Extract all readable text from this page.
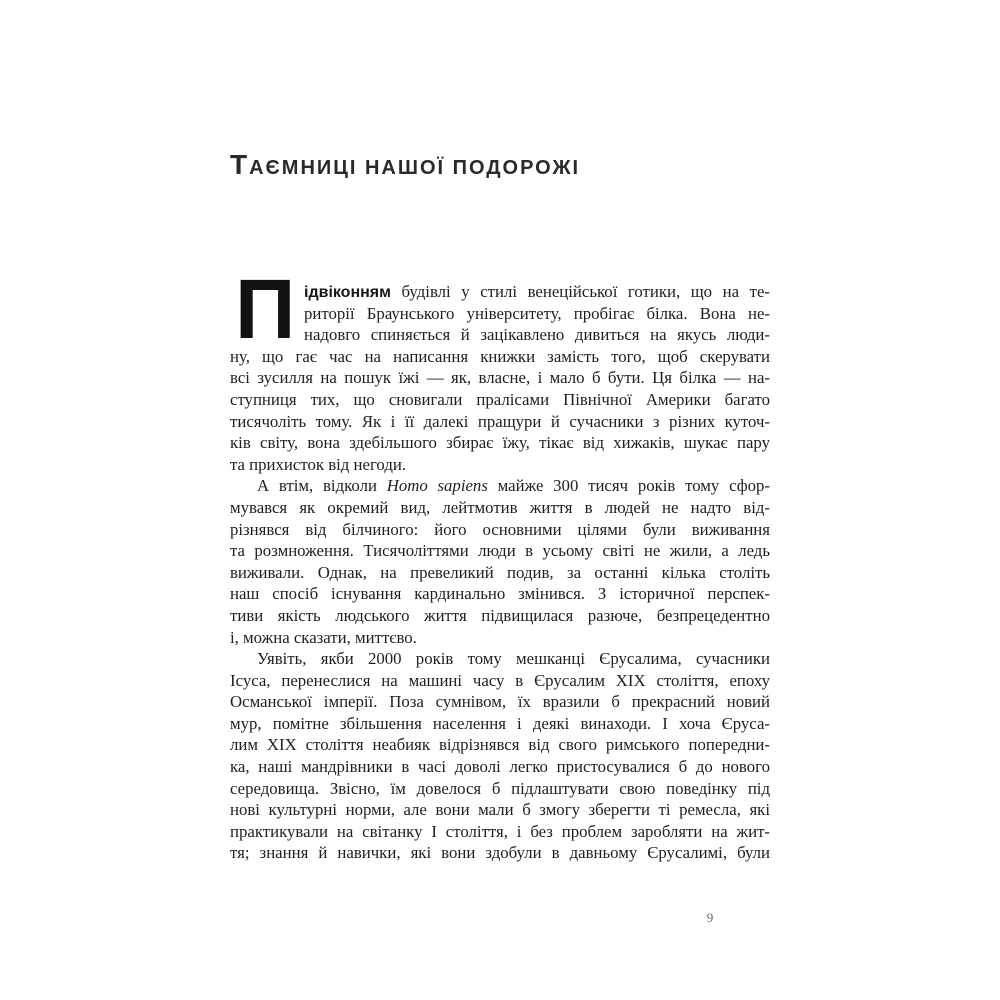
ТАЄМНИЦІ НАШОЇ ПОДОРОЖІ
П ідвіконням будівлі у стилі венеційської готики, що на те-
риторії Браунського університету, пробігає білка. Вона не-
надовго спиняється й зацікавлено дивиться на якусь люди-
ну, що гає час на написання книжки замість того, щоб скерувати
всі зусилля на пошук їжі — як, власне, і мало б бути. Ця білка — на-
ступниця тих, що сновигали пралісами Північної Америки багато
тисячоліть тому. Як і її далекі пращури й сучасники з різних куточ-
ків світу, вона здебільшого збирає їжу, тікає від хижаків, шукає пару
та прихисток від негоди.
А втім, відколи Homo sapiens майже 300 тисяч років тому сфор-
мувався як окремий вид, лейтмотив життя в людей не надто від-
різнявся від білчиного: його основними цілями були виживання
та розмноження. Тисячоліттями люди в усьому світі не жили, а ледь
виживали. Однак, на превеликий подив, за останні кілька століть
наш спосіб існування кардинально змінився. З історичної перспек-
тиви якість людського життя підвищилася разюче, безпрецедентно
і, можна сказати, миттєво.
Уявіть, якби 2000 років тому мешканці Єрусалима, сучасники
Ісуса, перенеслися на машині часу в Єрусалим XIX століття, епоху
Османської імперії. Поза сумнівом, їх вразили б прекрасний новий
мур, помітне збільшення населення і деякі винаходи. І хоча Єруса-
лим XIX століття неабияк відрізнявся від свого римського попередни-
ка, наші мандрівники в часі доволі легко пристосувалися б до нового
середовища. Звісно, їм довелося б підлаштувати свою поведінку під
нові культурні норми, але вони мали б змогу зберегти ті ремесла, які
практикували на світанку I століття, і без проблем заробляти на жит-
тя; знання й навички, які вони здобули в давньому Єрусалимі, були
9
